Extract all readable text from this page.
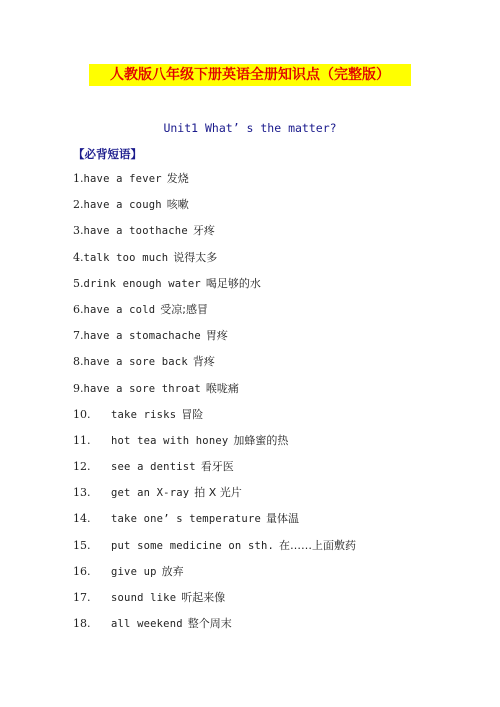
人教版八年级下册英语全册知识点（完整版）
Unit1 What’ s the matter?
【必背短语】
1. have a fever 发烧
2. have a cough 咳嗽
3. have a toothache 牙疼
4. talk too much 说得太多
5. drink enough water 喝足够的水
6. have a cold 受凉;感冒
7. have a stomachache 胃疼
8. have a sore back 背疼
9. have a sore throat 喉咙痛
10.	take risks 冒险
11.	hot tea with honey 加蜂蜜的热
12.	see a dentist 看牙医
13.	get an X-ray 拍 X 光片
14.	take one’ s temperature 量体温
15.	put some medicine on sth. 在……上面敷药
16.	give up 放弃
17.	sound like 听起来像
18.	all weekend 整个周末
